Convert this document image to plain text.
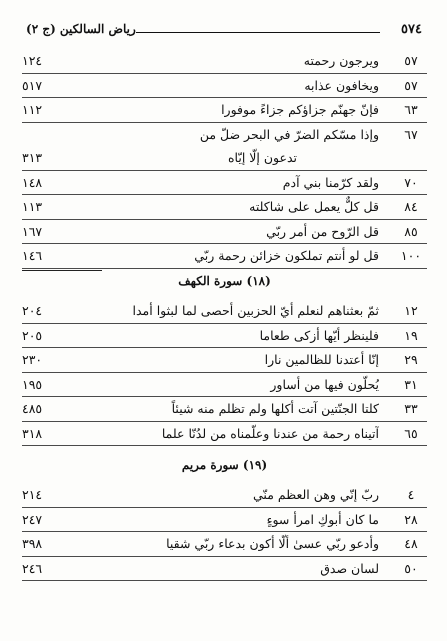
٥٧٤
رياض السالكين (ج ٢)
٥٧
ويرجون رحمته
١٢٤
٥٧
ويخافون عذابه
٥١٧
٦٣
فإنّ جهنّم جزاؤكم جزاءً موفورا
١١٢
٦٧
وإذا مسّكم الضرّ في البحر ضلّ من
تدعون إلّا إيّاه
٣١٣
٧٠
ولقد كرّمنا بني آدم
١٤٨
٨٤
قل كلٌّ يعمل على شاكلته
١١٣
٨٥
قل الرّوح من أمر ربّي
١٦٧
١٠٠
قل لو أنتم تملكون خزائن رحمة ربّي
١٤٦
(١٨) سورة الكهف
١٢
ثمّ بعثناهم لنعلم أيّ الحزبين أحصى لما لبثوا أمدا
٢٠٤
١٩
فلينظر أيّها أزكى طعاما
٢٠٥
٢٩
إنّا أعتدنا للظالمين نارا
٢٣٠
٣١
يُحلّون فيها من أساور
١٩٥
٣٣
كلتا الجنّتين آتت أكلها ولم تظلم منه شيئاً
٤٨٥
٦٥
آتيناه رحمة من عندنا وعلّمناه من لدُنّا علما
٣١٨
(١٩) سورة مريم
٤
ربّ إنّي وهن العظم منّي
٢١٤
٢٨
ما كان أبوكِ امرأ سوءٍ
٢٤٧
٤٨
وأدعو ربّي عسىٰ ألّا أكون بدعاء ربّي شقيا
٣٩٨
٥٠
لسان صدق
٢٤٦
